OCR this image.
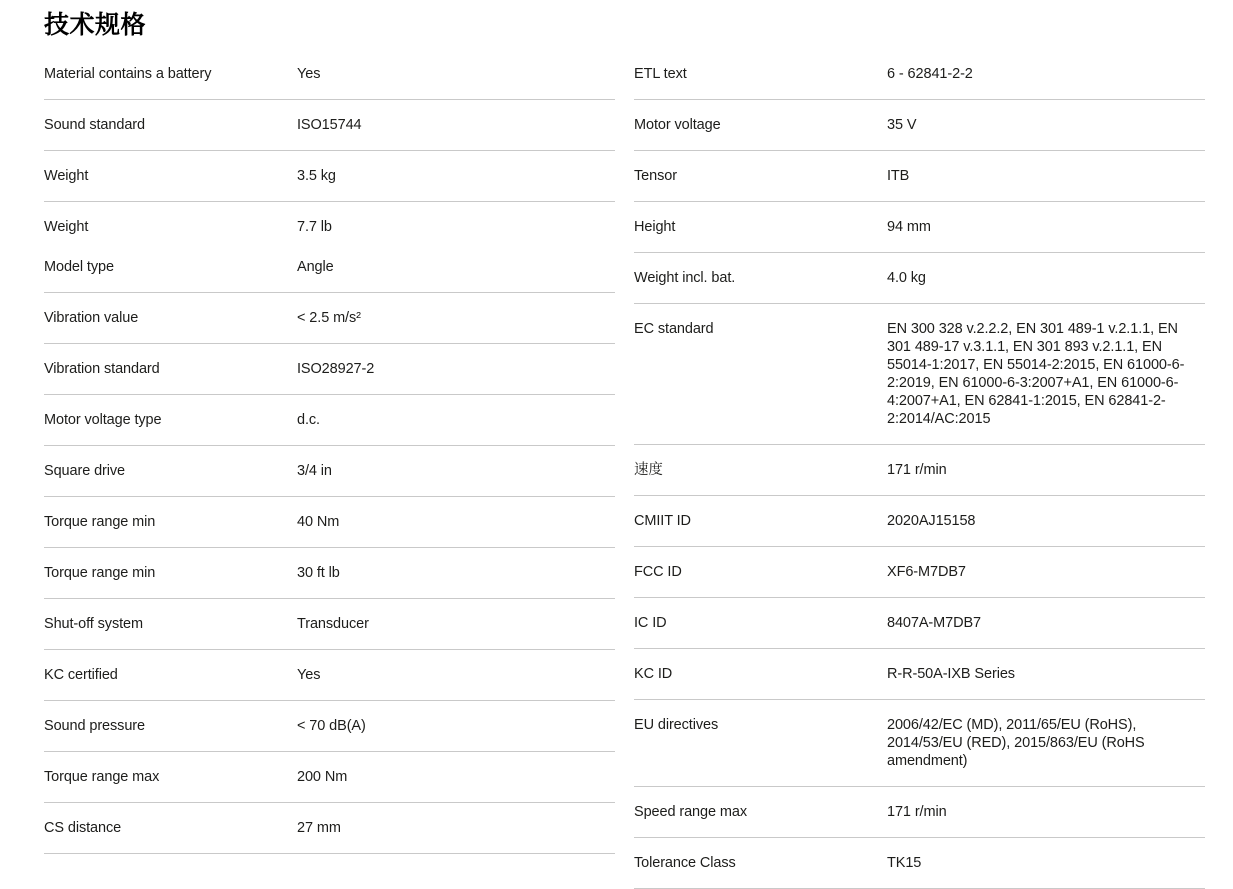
技术规格
Material contains a battery	Yes
Sound standard	ISO15744
Weight	3.5 kg
Weight	7.7 lb
Model type	Angle
Vibration value	< 2.5 m/s²
Vibration standard	ISO28927-2
Motor voltage type	d.c.
Square drive	3/4 in
Torque range min	40 Nm
Torque range min	30 ft lb
Shut-off system	Transducer
KC certified	Yes
Sound pressure	< 70 dB(A)
Torque range max	200 Nm
CS distance	27 mm
ETL text	6 - 62841-2-2
Motor voltage	35 V
Tensor	ITB
Height	94 mm
Weight incl. bat.	4.0 kg
EC standard	EN 300 328 v.2.2.2, EN 301 489-1 v.2.1.1, EN 301 489-17 v.3.1.1, EN 301 893 v.2.1.1, EN 55014-1:2017, EN 55014-2:2015, EN 61000-6-2:2019, EN 61000-6-3:2007+A1, EN 61000-6-4:2007+A1, EN 62841-1:2015, EN 62841-2-2:2014/AC:2015
速度	171 r/min
CMIIT ID	2020AJ15158
FCC ID	XF6-M7DB7
IC ID	8407A-M7DB7
KC ID	R-R-50A-IXB Series
EU directives	2006/42/EC (MD), 2011/65/EU (RoHS), 2014/53/EU (RED), 2015/863/EU (RoHS amendment)
Speed range max	171 r/min
Tolerance Class	TK15
